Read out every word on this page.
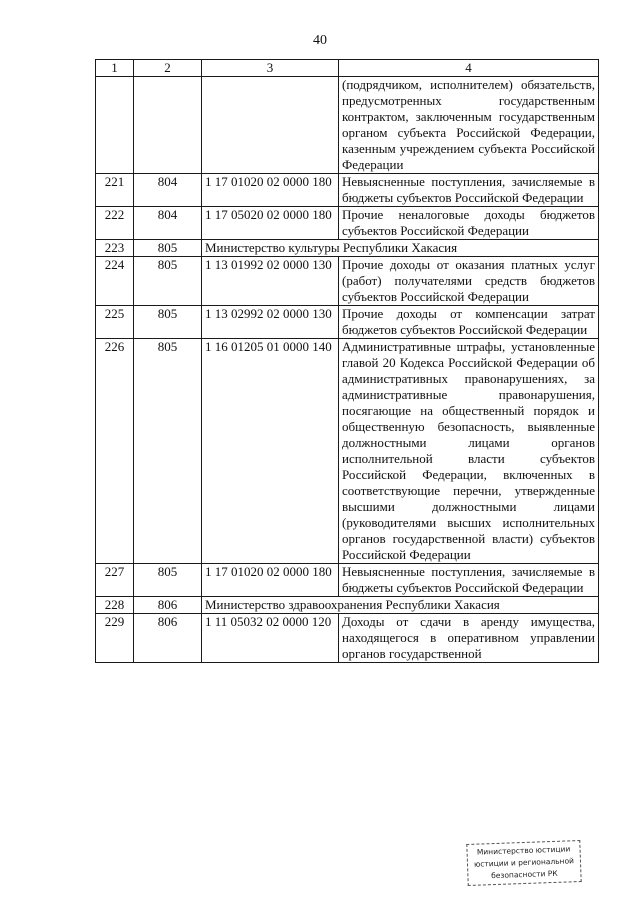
40
1	2	3	4
			(подрядчиком, исполнителем) обязательств, предусмотренных государственным контрактом, заключенным государственным органом субъекта Российской Федерации, казенным учреждением субъекта Российской Федерации
221	804	1 17 01020 02 0000 180	Невыясненные поступления, зачисляемые в бюджеты субъектов Российской Федерации
222	804	1 17 05020 02 0000 180	Прочие неналоговые доходы бюджетов субъектов Российской Федерации
223	805	Министерство культуры Республики Хакасия	
224	805	1 13 01992 02 0000 130	Прочие доходы от оказания платных услуг (работ) получателями средств бюджетов субъектов Российской Федерации
225	805	1 13 02992 02 0000 130	Прочие доходы от компенсации затрат бюджетов субъектов Российской Федерации
226	805	1 16 01205 01 0000 140	Административные штрафы, установленные главой 20 Кодекса Российской Федерации об административных правонарушениях, за административные правонарушения, посягающие на общественный порядок и общественную безопасность, выявленные должностными лицами органов исполнительной власти субъектов Российской Федерации, включенных в соответствующие перечни, утвержденные высшими должностными лицами (руководителями высших исполнительных органов государственной власти) субъектов Российской Федерации
227	805	1 17 01020 02 0000 180	Невыясненные поступления, зачисляемые в бюджеты субъектов Российской Федерации
228	806	Министерство здравоохранения Республики Хакасия	
229	806	1 11 05032 02 0000 120	Доходы от сдачи в аренду имущества, находящегося в оперативном управлении органов государственной
Министерство юстиции
юстиции и региональной
безопасности РК
